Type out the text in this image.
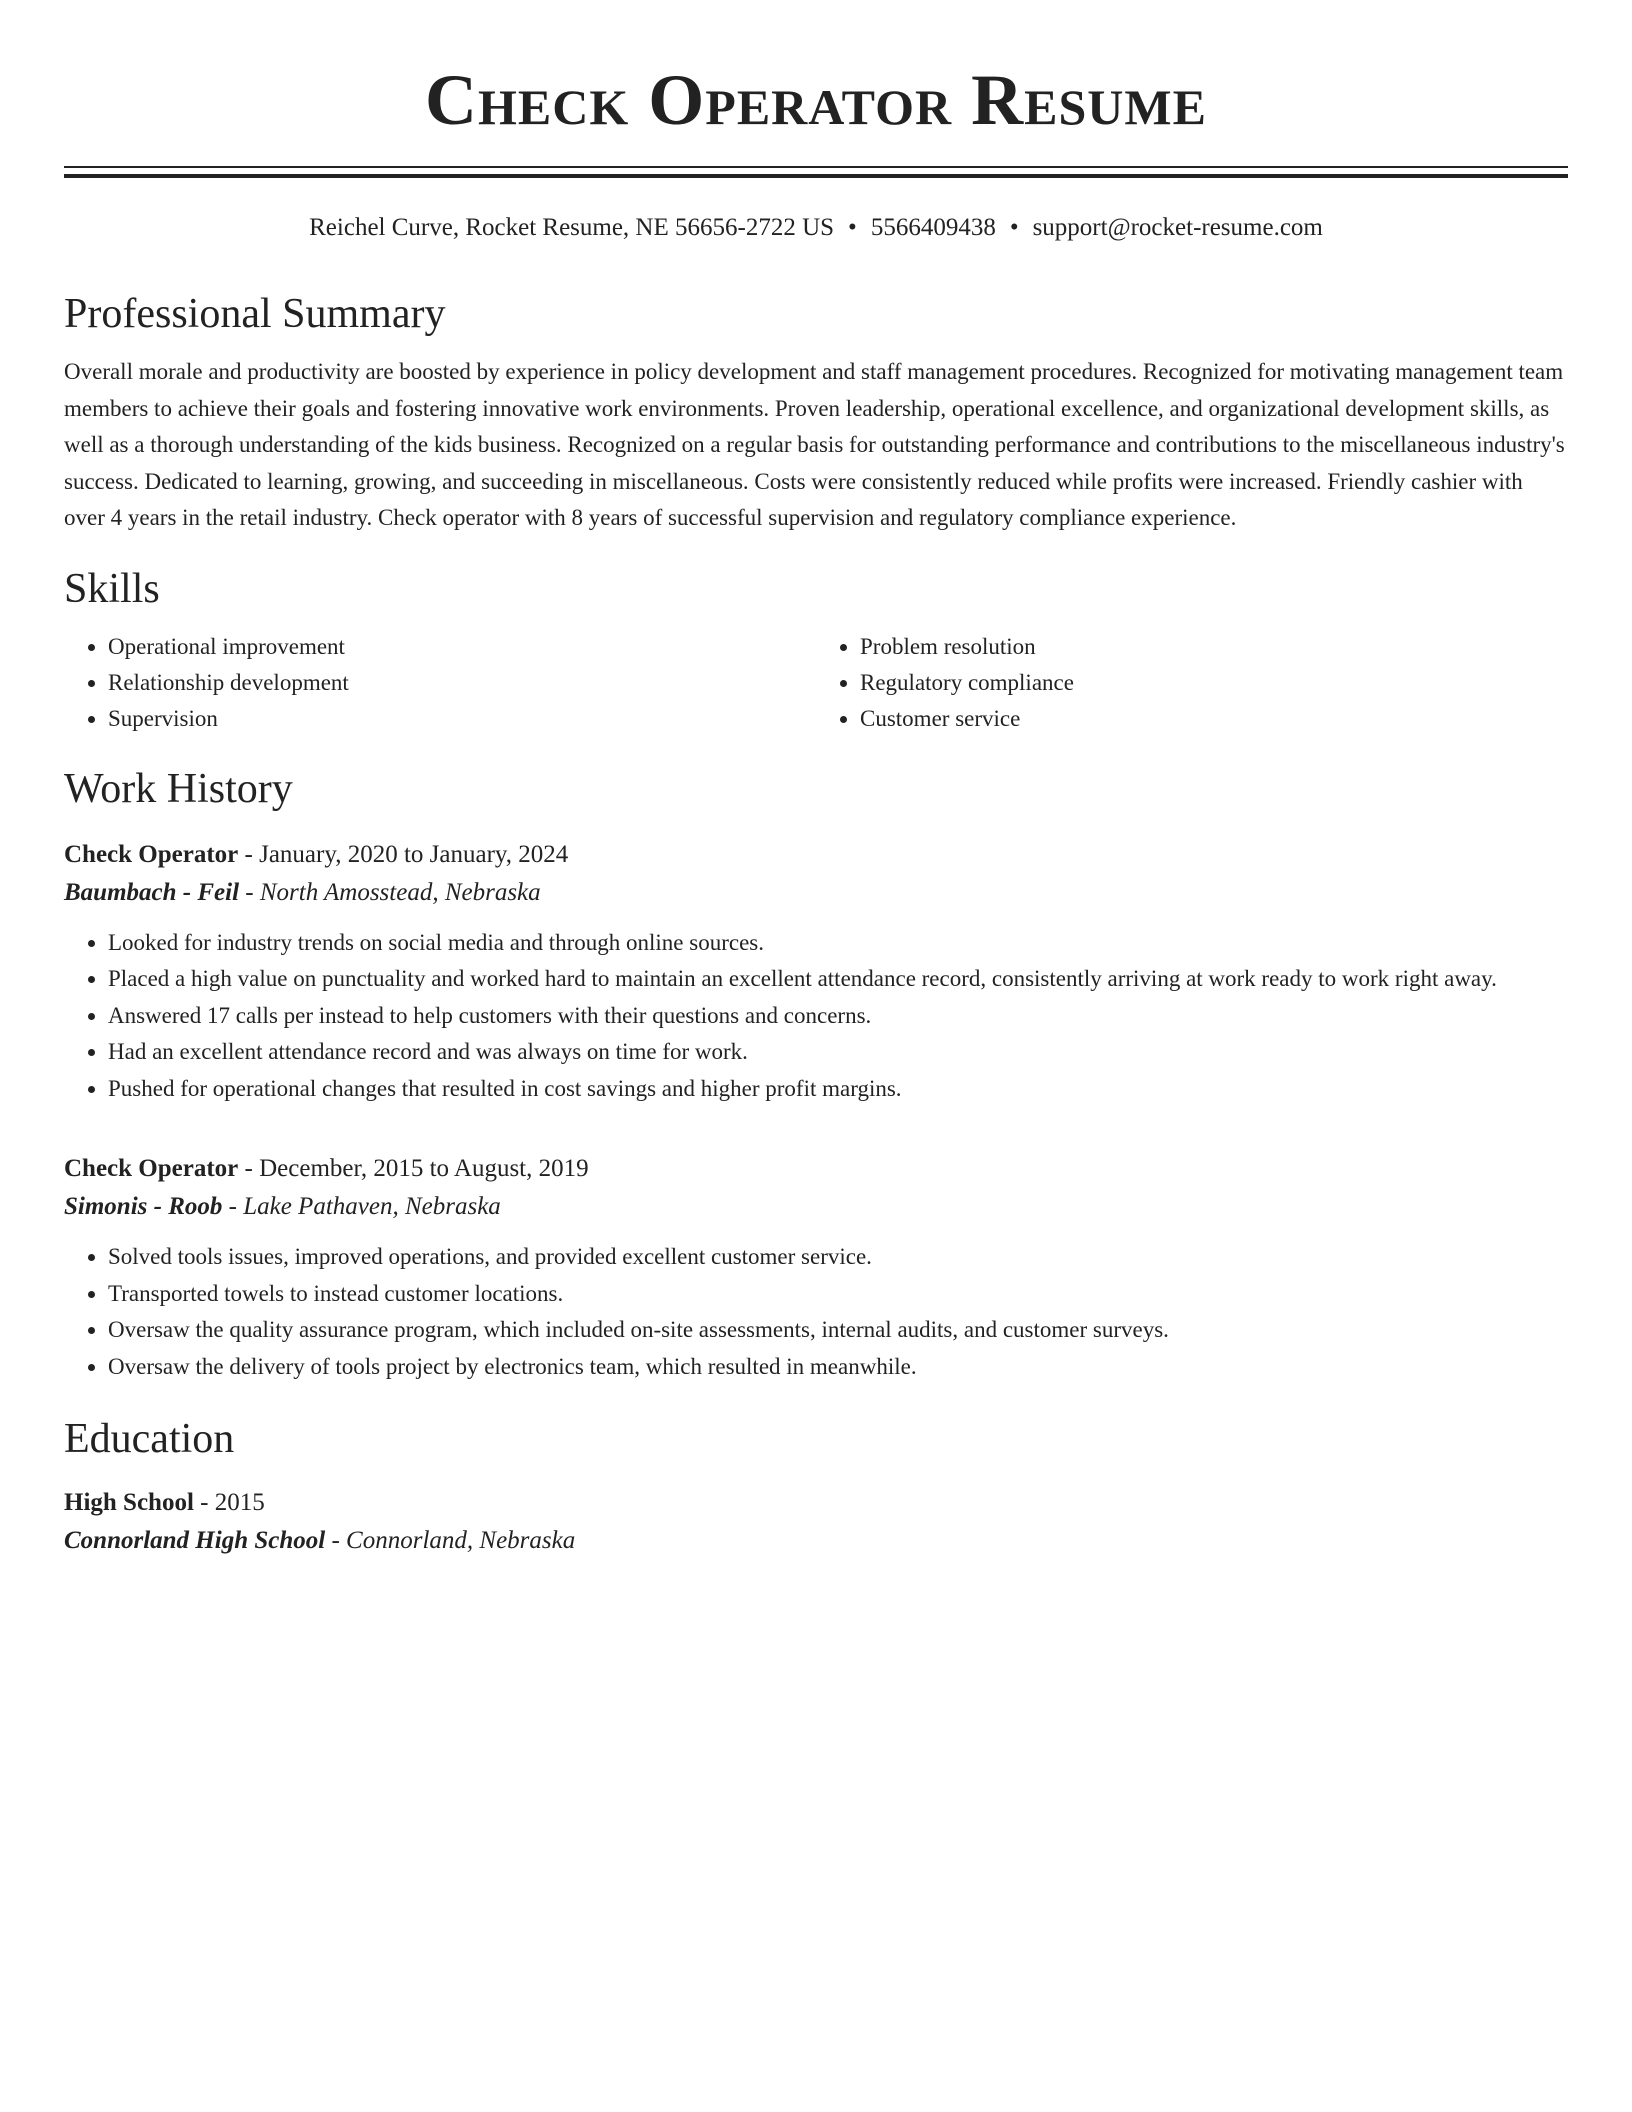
Check Operator Resume
Reichel Curve, Rocket Resume, NE 56656-2722 US • 5566409438 • support@rocket-resume.com
Professional Summary

Overall morale and productivity are boosted by experience in policy development and staff management procedures. Recognized for motivating management team members to achieve their goals and fostering innovative work environments. Proven leadership, operational excellence, and organizational development skills, as well as a thorough understanding of the kids business. Recognized on a regular basis for outstanding performance and contributions to the miscellaneous industry's success. Dedicated to learning, growing, and succeeding in miscellaneous. Costs were consistently reduced while profits were increased. Friendly cashier with over 4 years in the retail industry. Check operator with 8 years of successful supervision and regulatory compliance experience.

Skills
• Operational improvement
• Relationship development
• Supervision
• Problem resolution
• Regulatory compliance
• Customer service
Work History
Check Operator - January, 2020 to January, 2024
Baumbach - Feil - North Amosstead, Nebraska
• Looked for industry trends on social media and through online sources.
• Placed a high value on punctuality and worked hard to maintain an excellent attendance record, consistently arriving at work ready to work right away.
• Answered 17 calls per instead to help customers with their questions and concerns.
• Had an excellent attendance record and was always on time for work.
• Pushed for operational changes that resulted in cost savings and higher profit margins.
Check Operator - December, 2015 to August, 2019
Simonis - Roob - Lake Pathaven, Nebraska
• Solved tools issues, improved operations, and provided excellent customer service.
• Transported towels to instead customer locations.
• Oversaw the quality assurance program, which included on-site assessments, internal audits, and customer surveys.
• Oversaw the delivery of tools project by electronics team, which resulted in meanwhile.
Education
High School - 2015
Connorland High School - Connorland, Nebraska
